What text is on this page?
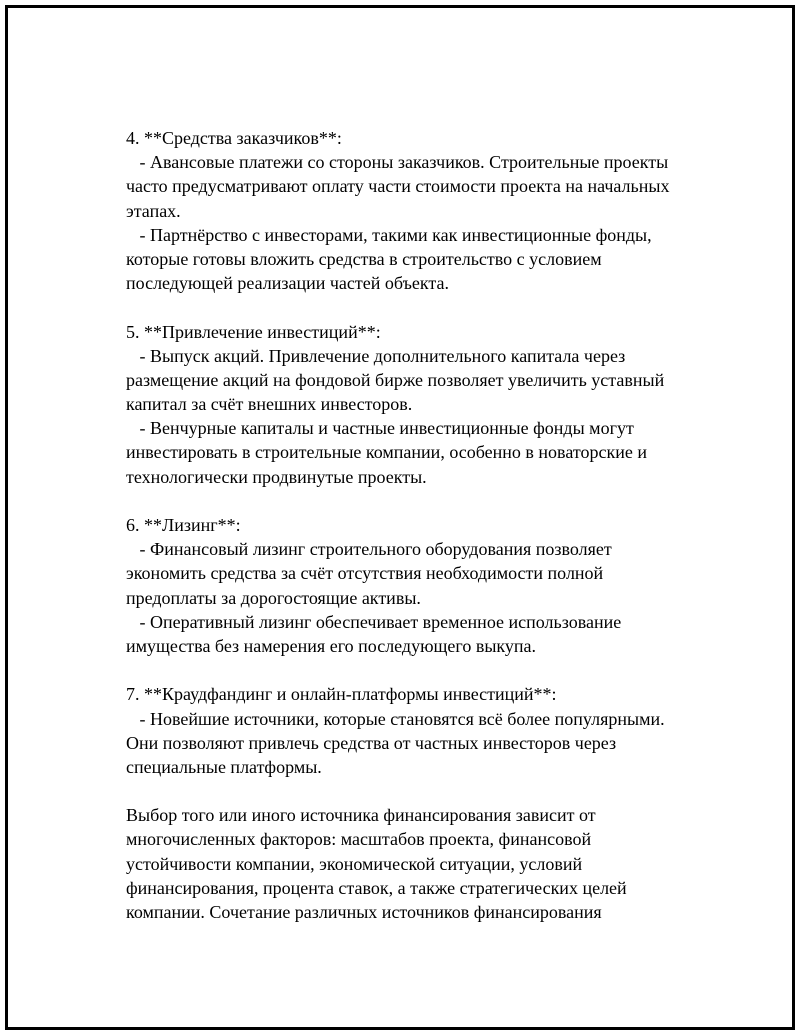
4. **Средства заказчиков**:
- Авансовые платежи со стороны заказчиков. Строительные проекты
часто предусматривают оплату части стоимости проекта на начальных
этапах.
- Партнёрство с инвесторами, такими как инвестиционные фонды,
которые готовы вложить средства в строительство с условием
последующей реализации частей объекта.
5. **Привлечение инвестиций**:
- Выпуск акций. Привлечение дополнительного капитала через
размещение акций на фондовой бирже позволяет увеличить уставный
капитал за счёт внешних инвесторов.
- Венчурные капиталы и частные инвестиционные фонды могут
инвестировать в строительные компании, особенно в новаторские и
технологически продвинутые проекты.
6. **Лизинг**:
- Финансовый лизинг строительного оборудования позволяет
экономить средства за счёт отсутствия необходимости полной
предоплаты за дорогостоящие активы.
- Оперативный лизинг обеспечивает временное использование
имущества без намерения его последующего выкупа.
7. **Краудфандинг и онлайн-платформы инвестиций**:
- Новейшие источники, которые становятся всё более популярными.
Они позволяют привлечь средства от частных инвесторов через
специальные платформы.
Выбор того или иного источника финансирования зависит от
многочисленных факторов: масштабов проекта, финансовой
устойчивости компании, экономической ситуации, условий
финансирования, процента ставок, а также стратегических целей
компании. Сочетание различных источников финансирования
